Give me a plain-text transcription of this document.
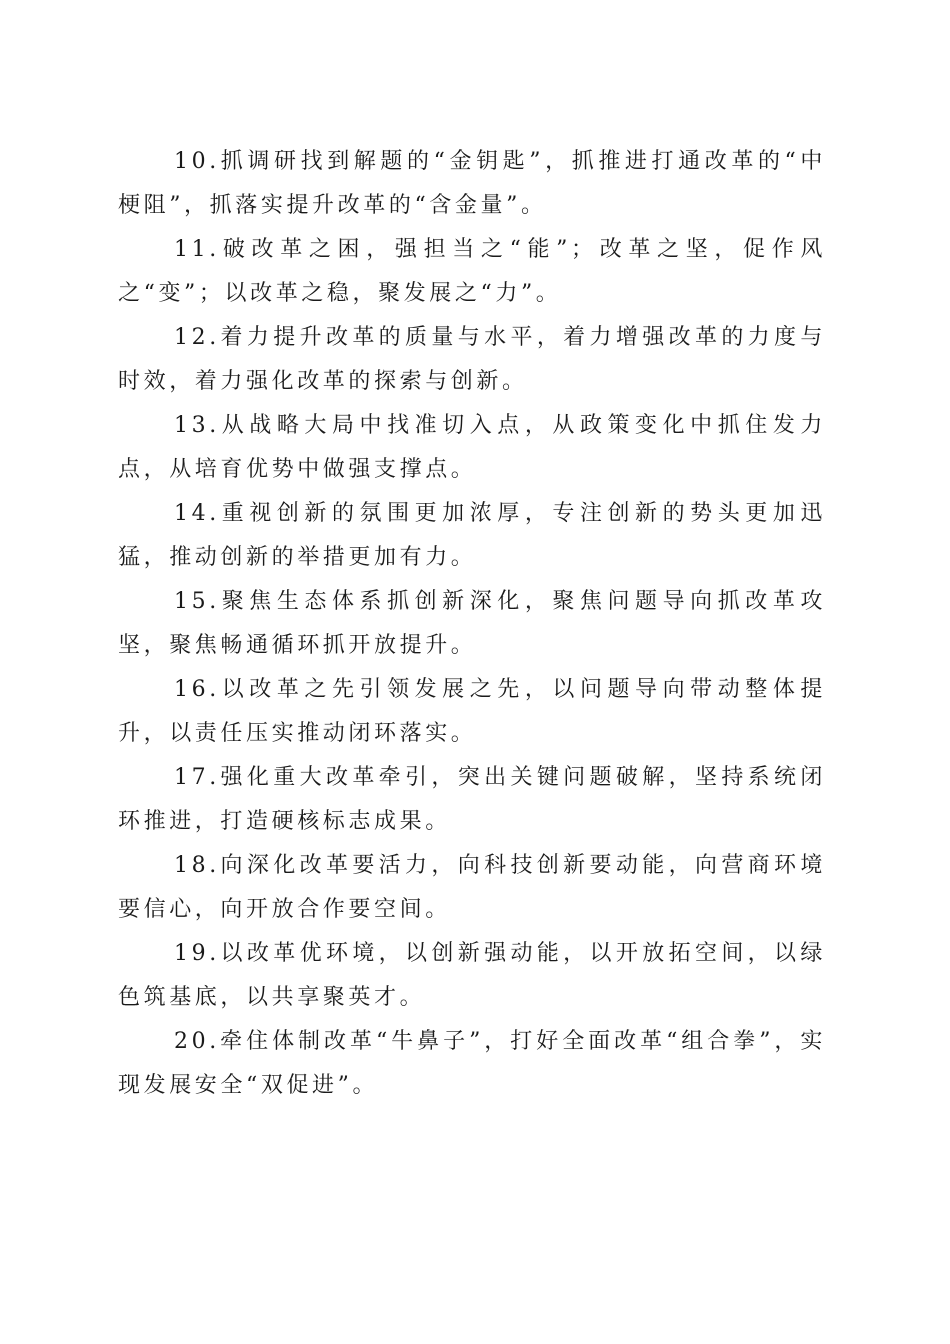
10.抓调研找到解题的“金钥匙”，抓推进打通改革的“中梗阻”，抓落实提升改革的“含金量”。

11.破改革之困，强担当之“能”；改革之坚，促作风之“变”；以改革之稳，聚发展之“力”。

12.着力提升改革的质量与水平，着力增强改革的力度与时效，着力强化改革的探索与创新。

13.从战略大局中找准切入点，从政策变化中抓住发力点，从培育优势中做强支撑点。

14.重视创新的氛围更加浓厚，专注创新的势头更加迅猛，推动创新的举措更加有力。

15.聚焦生态体系抓创新深化，聚焦问题导向抓改革攻坚，聚焦畅通循环抓开放提升。

16.以改革之先引领发展之先，以问题导向带动整体提升，以责任压实推动闭环落实。

17.强化重大改革牵引，突出关键问题破解，坚持系统闭环推进，打造硬核标志成果。

18.向深化改革要活力，向科技创新要动能，向营商环境要信心，向开放合作要空间。

19.以改革优环境，以创新强动能，以开放拓空间，以绿色筑基底，以共享聚英才。

20.牵住体制改革“牛鼻子”，打好全面改革“组合拳”，实现发展安全“双促进”。
